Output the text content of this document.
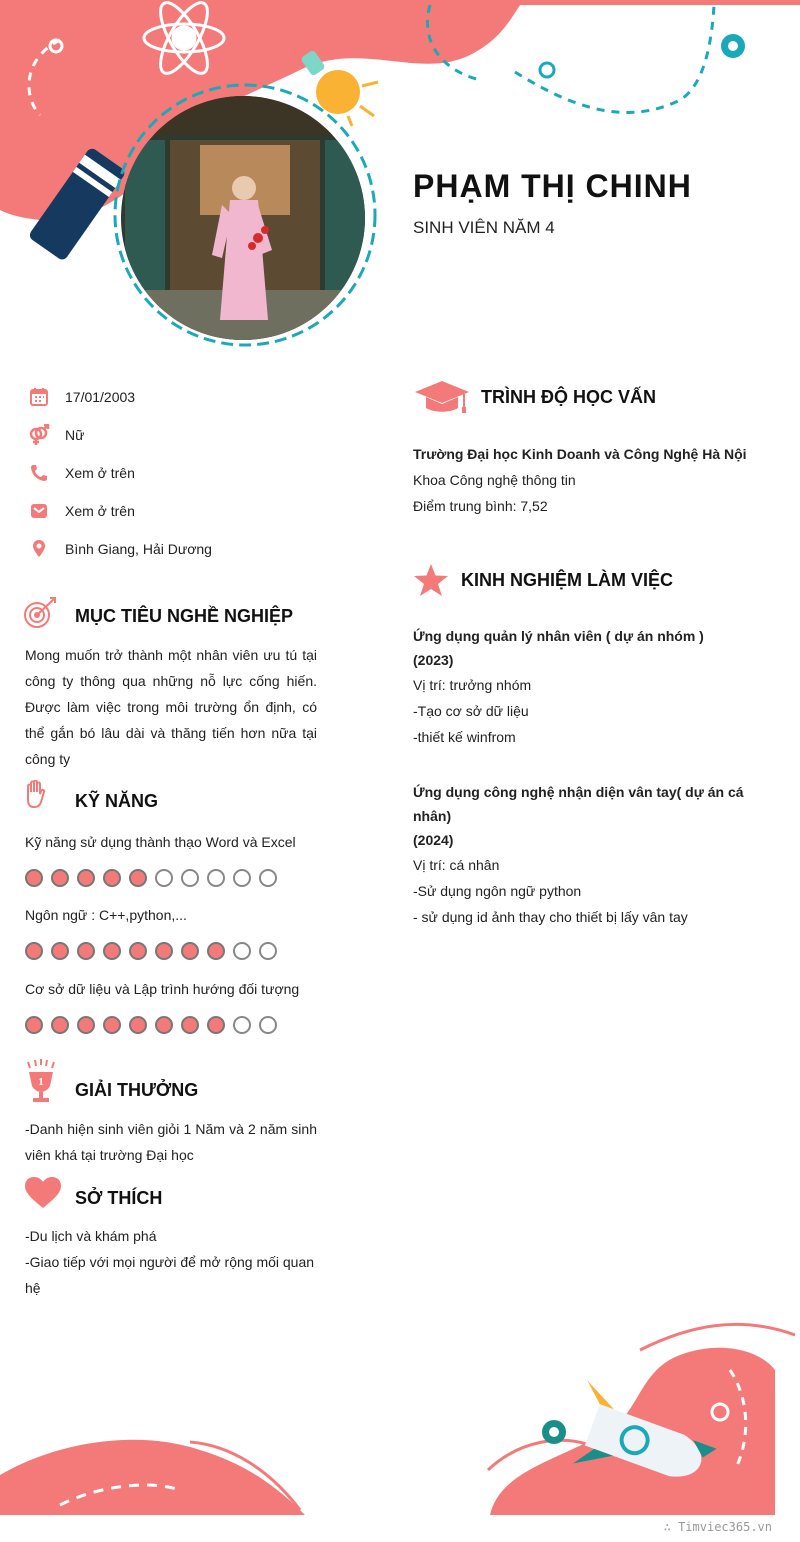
PHẠM THỊ CHINH
SINH VIÊN NĂM 4
17/01/2003
Nữ
Xem ở trên
Xem ở trên
Bình Giang, Hải Dương
MỤC TIÊU NGHỀ NGHIỆP
Mong muốn trở thành một nhân viên ưu tú tại công ty thông qua những nỗ lực cống hiến. Được làm việc trong môi trường ổn định, có thể gắn bó lâu dài và thăng tiến hơn nữa tại công ty
KỸ NĂNG
Kỹ năng sử dụng thành thạo Word và Excel
Ngôn ngữ : C++,python,...
Cơ sở dữ liệu và Lập trình hướng đối tượng
1 GIẢI THƯỞNG
-Danh hiện sinh viên giỏi 1 Năm và 2 năm sinh viên khá tại trường Đại học
SỞ THÍCH
-Du lịch và khám phá
-Giao tiếp với mọi người để mở rộng mối quan hệ
TRÌNH ĐỘ HỌC VẤN
Trường Đại học Kinh Doanh và Công Nghệ Hà Nội
Khoa Công nghệ thông tin
Điểm trung bình: 7,52
KINH NGHIỆM LÀM VIỆC
Ứng dụng quản lý nhân viên ( dự án nhóm )
(2023)
Vị trí: trưởng nhóm
-Tạo cơ sở dữ liệu
-thiết kế winfrom
Ứng dụng công nghệ nhận diện vân tay( dự án cá nhân)
(2024)
Vị trí: cá nhân
-Sử dụng ngôn ngữ python
- sử dụng id ảnh thay cho thiết bị lấy vân tay
∴ Timviec365.vn
